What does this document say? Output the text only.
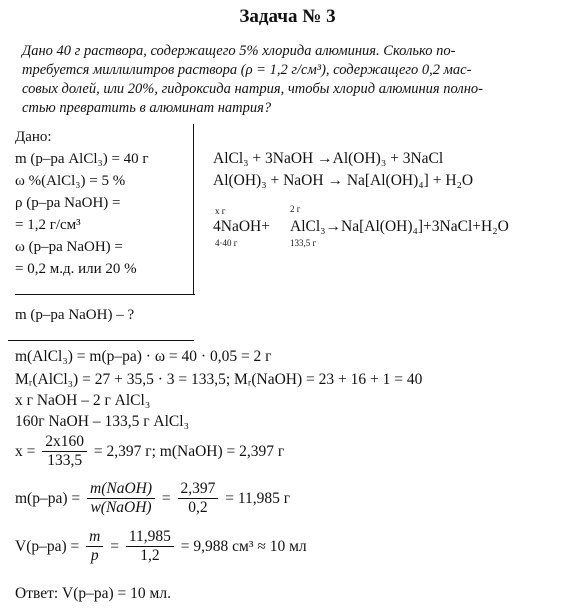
Задача № 3

Дано 40 г раствора, содержащего 5% хлорида алюминия. Сколько по-

требуется миллилитров раствора (ρ = 1,2 г/см³), содержащего 0,2 мас-

совых долей, или 20%, гидроксида натрия, чтобы хлорид алюминия полно-

стью превратить в алюминат натрия?

Дано:
m (р–ра AlCl₃) = 40 г
ω %(AlCl₃) = 5 %
ρ (р–ра NaOH) =
= 1,2 г/см³
ω (р–ра NaOH) =
= 0,2 м.д. или 20 %
m (р–ра NaOH) – ?
AlCl₃ + 3NaOH →Al(OH)₃ + 3NaCl
Al(OH)₃ + NaOH → Na[Al(OH)₄] + H₂O
x г	2 г
4NaOH+ AlCl₃→Na[Al(OH)₄]+3NaCl+H₂O
4·40 г	133,5 г
m(AlCl₃) = m(р–ра) · ω = 40 · 0,05 = 2 г
Mᵣ(AlCl₃) = 27 + 35,5 · 3 = 133,5; Mᵣ(NaOH) = 23 + 16 + 1 = 40
x г NaOH – 2 г AlCl₃
160г NaOH – 133,5 г AlCl₃
$x = \frac{2x160}{133,5} = 2,397$ г; m(NaOH) = 2,397 г
$m(р-ра) = \frac{\text{m(NaOH)}}{\text{w(NaOH)}} = \frac{2,397}{0,2} = 11,985$ г
$V(р-ра) = \frac{m}{p} = \frac{11,985}{1,2} = 9,988$ см³ ≈ 10 мл
Ответ: V(р–ра) = 10 мл.
